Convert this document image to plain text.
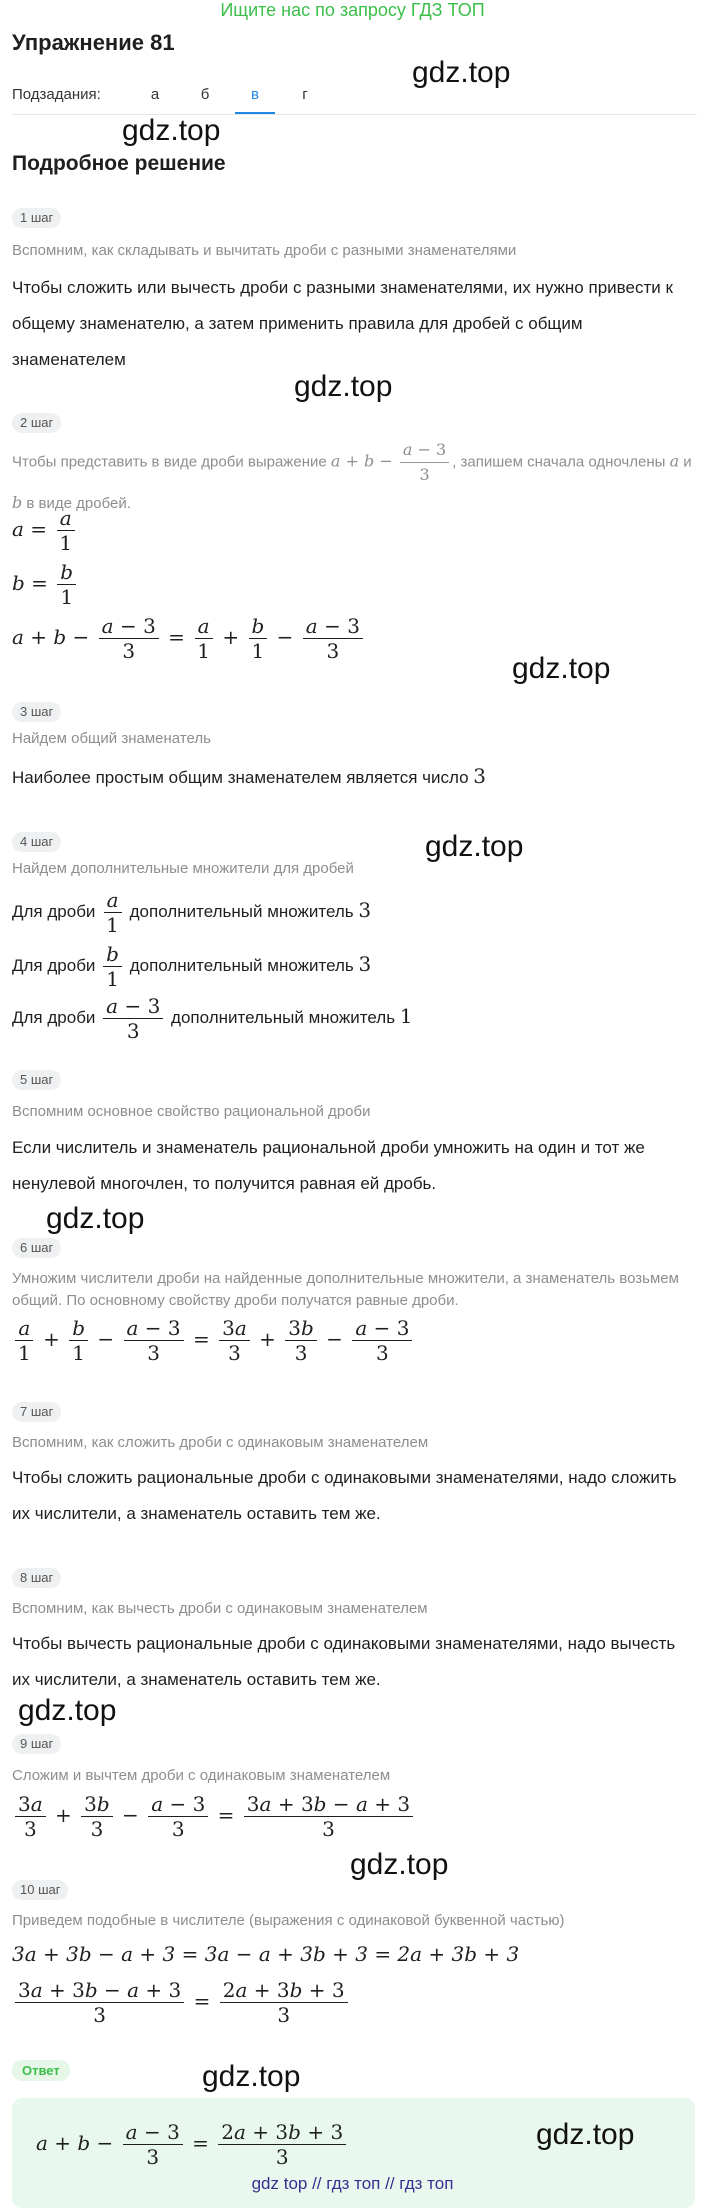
Ищите нас по запросу ГДЗ ТОП
Упражнение 81
Подзадания:	а	б	в	г
Подробное решение
1 шаг
Вспомним, как складывать и вычитать дроби с разными знаменателями
Чтобы сложить или вычесть дроби с разными знаменателями, их нужно привести к общему знаменателю, а затем применить правила для дробей с общим знаменателем
2 шаг
Чтобы представить в виде дроби выражение $a + b - \frac{a - 3}{3}$ , запишем сначала одночлены a и b в виде дробей.
$a = \frac{a}{1}$
$b = \frac{b}{1}$
$a + b - \frac{a - 3}{3} = \frac{a}{1} + \frac{b}{1} - \frac{a - 3}{3}$
3 шаг
Найдем общий знаменатель
Наиболее простым общим знаменателем является число 3
4 шаг
Найдем дополнительные множители для дробей
Для дроби $\frac{a}{1}$ дополнительный множитель 3
Для дроби $\frac{b}{1}$ дополнительный множитель 3
Для дроби $\frac{a - 3}{3}$ дополнительный множитель 1
5 шаг
Вспомним основное свойство рациональной дроби
Если числитель и знаменатель рациональной дроби умножить на один и тот же ненулевой многочлен, то получится равная ей дробь.
6 шаг
Умножим числители дроби на найденные дополнительные множители, а знаменатель возьмем общий. По основному свойству дроби получатся равные дроби.
$\frac{a}{1} + \frac{b}{1} - \frac{a - 3}{3} = \frac{3a}{3} + \frac{3b}{3} - \frac{a - 3}{3}$
7 шаг
Вспомним, как сложить дроби с одинаковым знаменателем
Чтобы сложить рациональные дроби с одинаковыми знаменателями, надо сложить их числители, а знаменатель оставить тем же.
8 шаг
Вспомним, как вычесть дроби с одинаковым знаменателем
Чтобы вычесть рациональные дроби с одинаковыми знаменателями, надо вычесть их числители, а знаменатель оставить тем же.
9 шаг
Сложим и вычтем дроби с одинаковым знаменателем
$\frac{3a}{3} + \frac{3b}{3} - \frac{a - 3}{3} = \frac{3a + 3b - a + 3}{3}$
10 шаг
Приведем подобные в числителе (выражения с одинаковой буквенной частью)
3a + 3b − a + 3 = 3a − a + 3b + 3 = 2a + 3b + 3
$\frac{3a + 3b - a + 3}{3} = \frac{2a + 3b + 3}{3}$
Ответ
$a + b - \frac{a - 3}{3} = \frac{2a + 3b + 3}{3}$
gdz.top
gdz.top
gdz.top
gdz.top
gdz.top
gdz.top
gdz.top
gdz.top
gdz.top
gdz.top
gdz top // гдз топ // гдз топ
